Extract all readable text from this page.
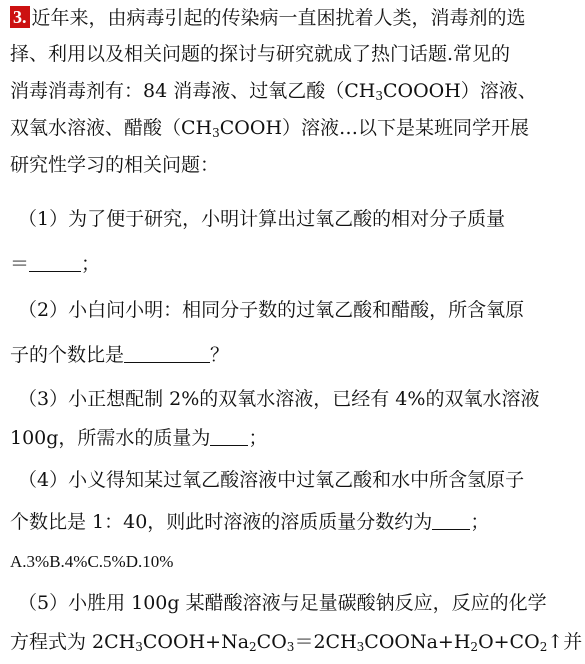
3. 近年来，由病毒引起的传染病一直困扰着人类，消毒剂的选
择、利用以及相关问题的探讨与研究就成了热门话题.常见的
消毒消毒剂有：84 消毒液、过氧乙酸$(CH_3COOOH)$溶液、
双氧水溶液、醋酸$(CH_3COOH)$溶液…以下是某班同学开展
研究性学习的相关问题：
（1）为了便于研究，小明计算出过氧乙酸的相对分子质量
＝	；
（2）小白问小明：相同分子数的过氧乙酸和醋酸，所含氧原
子的个数比是	？
（3）小正想配制 2%的双氧水溶液，已经有 4%的双氧水溶液
100g，所需水的质量为 ；
（4）小义得知某过氧乙酸溶液中过氧乙酸和水中所含氢原子
个数比是 1：40，则此时溶液的溶质质量分数约为 ；
A.3%B.4%C.5%D.10%
（5）小胜用 100g 某醋酸溶液与足量碳酸钠反应，反应的化学
方程式为 $2CH_3COOH+Na_2CO_3=2CH_3COONa+H_2O+CO_2↑$并
